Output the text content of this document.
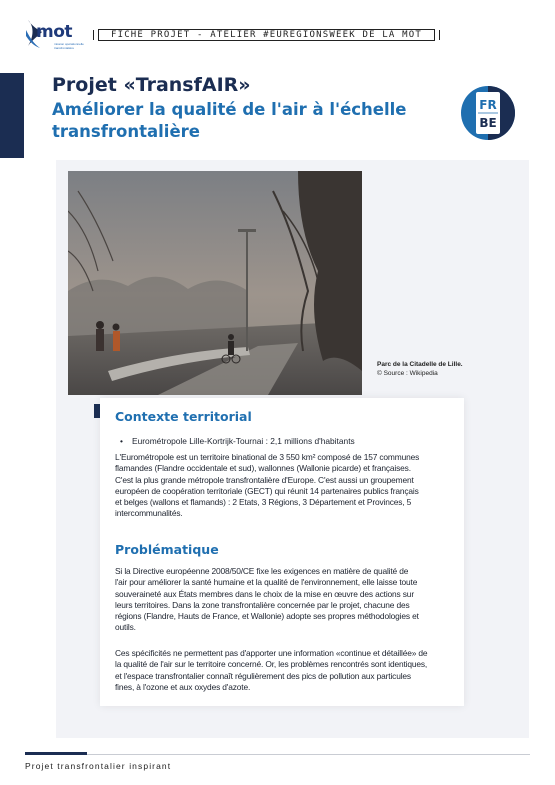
mot
mission opérationnelle transfrontalière
FICHE PROJET - ATELIER #EUREGIONSWEEK DE LA MOT
Projet «TransfAIR»
Améliorer la qualité de l'air à l'échelle transfrontalière
FR
BE
Parc de la Citadelle de Lille.
© Source : Wikipedia
Contexte territorial
• Eurométropole Lille-Kortrijk-Tournai : 2,1 millions d'habitants
L'Eurométropole est un territoire binational de 3 550 km² composé de 157 communes
flamandes (Flandre occidentale et sud), wallonnes (Wallonie picarde) et françaises.
C'est la plus grande métropole transfrontalière d'Europe. C'est aussi un groupement
européen de coopération territoriale (GECT) qui réunit 14 partenaires publics français
et belges (wallons et flamands) : 2 Etats, 3 Régions, 3 Département et Provinces, 5
intercommunalités.
Problématique
Si la Directive européenne 2008/50/CE fixe les exigences en matière de qualité de
l'air pour améliorer la santé humaine et la qualité de l'environnement, elle laisse toute
souveraineté aux États membres dans le choix de la mise en œuvre des actions sur
leurs territoires. Dans la zone transfrontalière concernée par le projet, chacune des
régions (Flandre, Hauts de France, et Wallonie) adopte ses propres méthodologies et
outils.
Ces spécificités ne permettent pas d'apporter une information «continue et détaillée» de
la qualité de l'air sur le territoire concerné. Or, les problèmes rencontrés sont identiques,
et l'espace transfrontalier connaît régulièrement des pics de pollution aux particules
fines, à l'ozone et aux oxydes d'azote.
Projet transfrontalier inspirant
